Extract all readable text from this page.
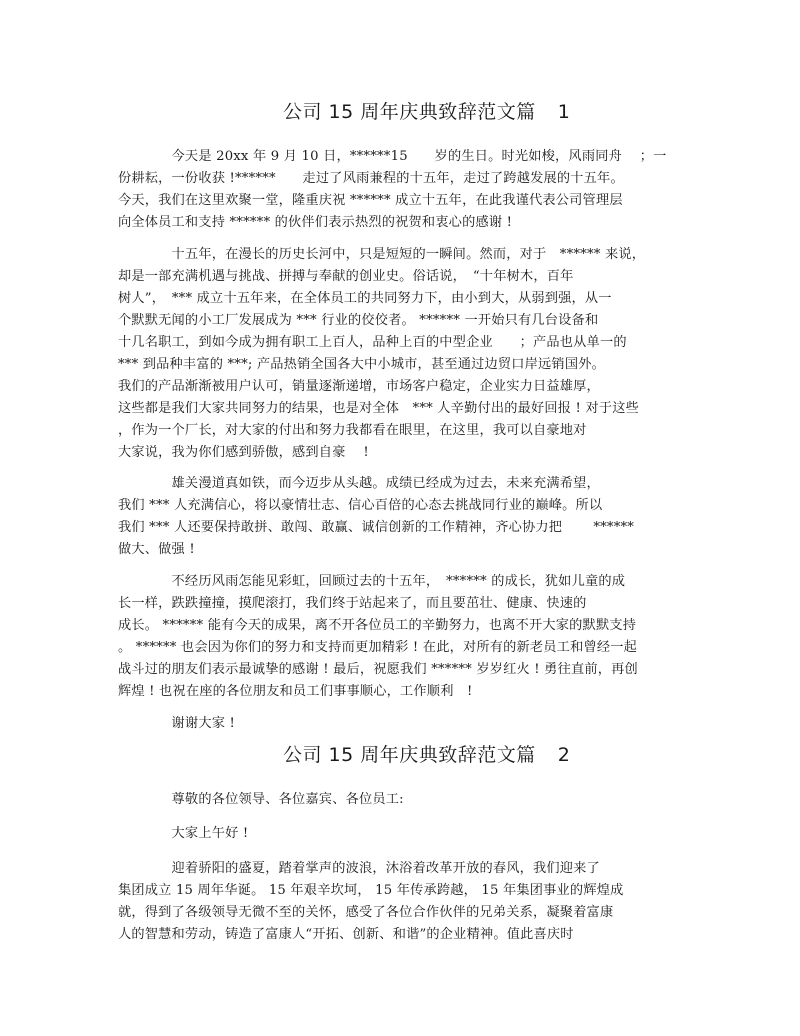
公司 15 周年庆典致辞范文篇 1
　　　　今天是 20xx 年 9 月 10 日，******15　　岁的生日。时光如梭，风雨同舟　 ；一
份耕耘，一份收获 !******　　走过了风雨兼程的十五年，走过了跨越发展的十五年。
今天，我们在这里欢聚一堂，隆重庆祝 ****** 成立十五年，在此我谨代表公司管理层
向全体员工和支持 ****** 的伙伴们表示热烈的祝贺和衷心的感谢 !
　　　　十五年，在漫长的历史长河中，只是短短的一瞬间。然而，对于　****** 来说，
却是一部充满机遇与挑战、拼搏与奉献的创业史。俗话说，　“十年树木，百年
树人”，　*** 成立十五年来，在全体员工的共同努力下，由小到大，从弱到强，从一
个默默无闻的小工厂发展成为 *** 行业的佼佼者。 ****** 一开始只有几台设备和
十几名职工，到如今成为拥有职工上百人，品种上百的中型企业　　；产品也从单一的
*** 到品种丰富的 ***; 产品热销全国各大中小城市，甚至通过边贸口岸远销国外。
我们的产品渐渐被用户认可，销量逐渐递增，市场客户稳定，企业实力日益雄厚，
这些都是我们大家共同努力的结果，也是对全体　*** 人辛勤付出的最好回报 ! 对于这些
，作为一个厂长，对大家的付出和努力我都看在眼里，在这里，我可以自豪地对
大家说，我为你们感到骄傲，感到自豪　 !
　　　　雄关漫道真如铁，而今迈步从头越。成绩已经成为过去，未来充满希望，
我们 *** 人充满信心，将以豪情壮志、信心百倍的心态去挑战同行业的巅峰。所以
我们 *** 人还要保持敢拼、敢闯、敢赢、诚信创新的工作精神，齐心协力把　　 ******
做大、做强 !
　　　　不经历风雨怎能见彩虹，回顾过去的十五年，　****** 的成长，犹如儿童的成
长一样，跌跌撞撞，摸爬滚打，我们终于站起来了，而且要茁壮、健康、快速的
成长。 ****** 能有今天的成果，离不开各位员工的辛勤努力，也离不开大家的默默支持
。 ****** 也会因为你们的努力和支持而更加精彩 ! 在此，对所有的新老员工和曾经一起
战斗过的朋友们表示最诚挚的感谢 ! 最后，祝愿我们 ****** 岁岁红火 ! 勇往直前，再创
辉煌 ! 也祝在座的各位朋友和员工们事事顺心，工作顺利　!
　　　　谢谢大家 !
公司 15 周年庆典致辞范文篇 2
　　　　尊敬的各位领导、各位嘉宾、各位员工:
　　　　大家上午好 !
　　　　迎着骄阳的盛夏，踏着掌声的波浪，沐浴着改革开放的春风，我们迎来了
集团成立 15 周年华诞。 15 年艰辛坎坷， 15 年传承跨越， 15 年集团事业的辉煌成
就，得到了各级领导无微不至的关怀，感受了各位合作伙伴的兄弟关系，凝聚着富康
人的智慧和劳动，铸造了富康人“开拓、创新、和谐”的企业精神。值此喜庆时
